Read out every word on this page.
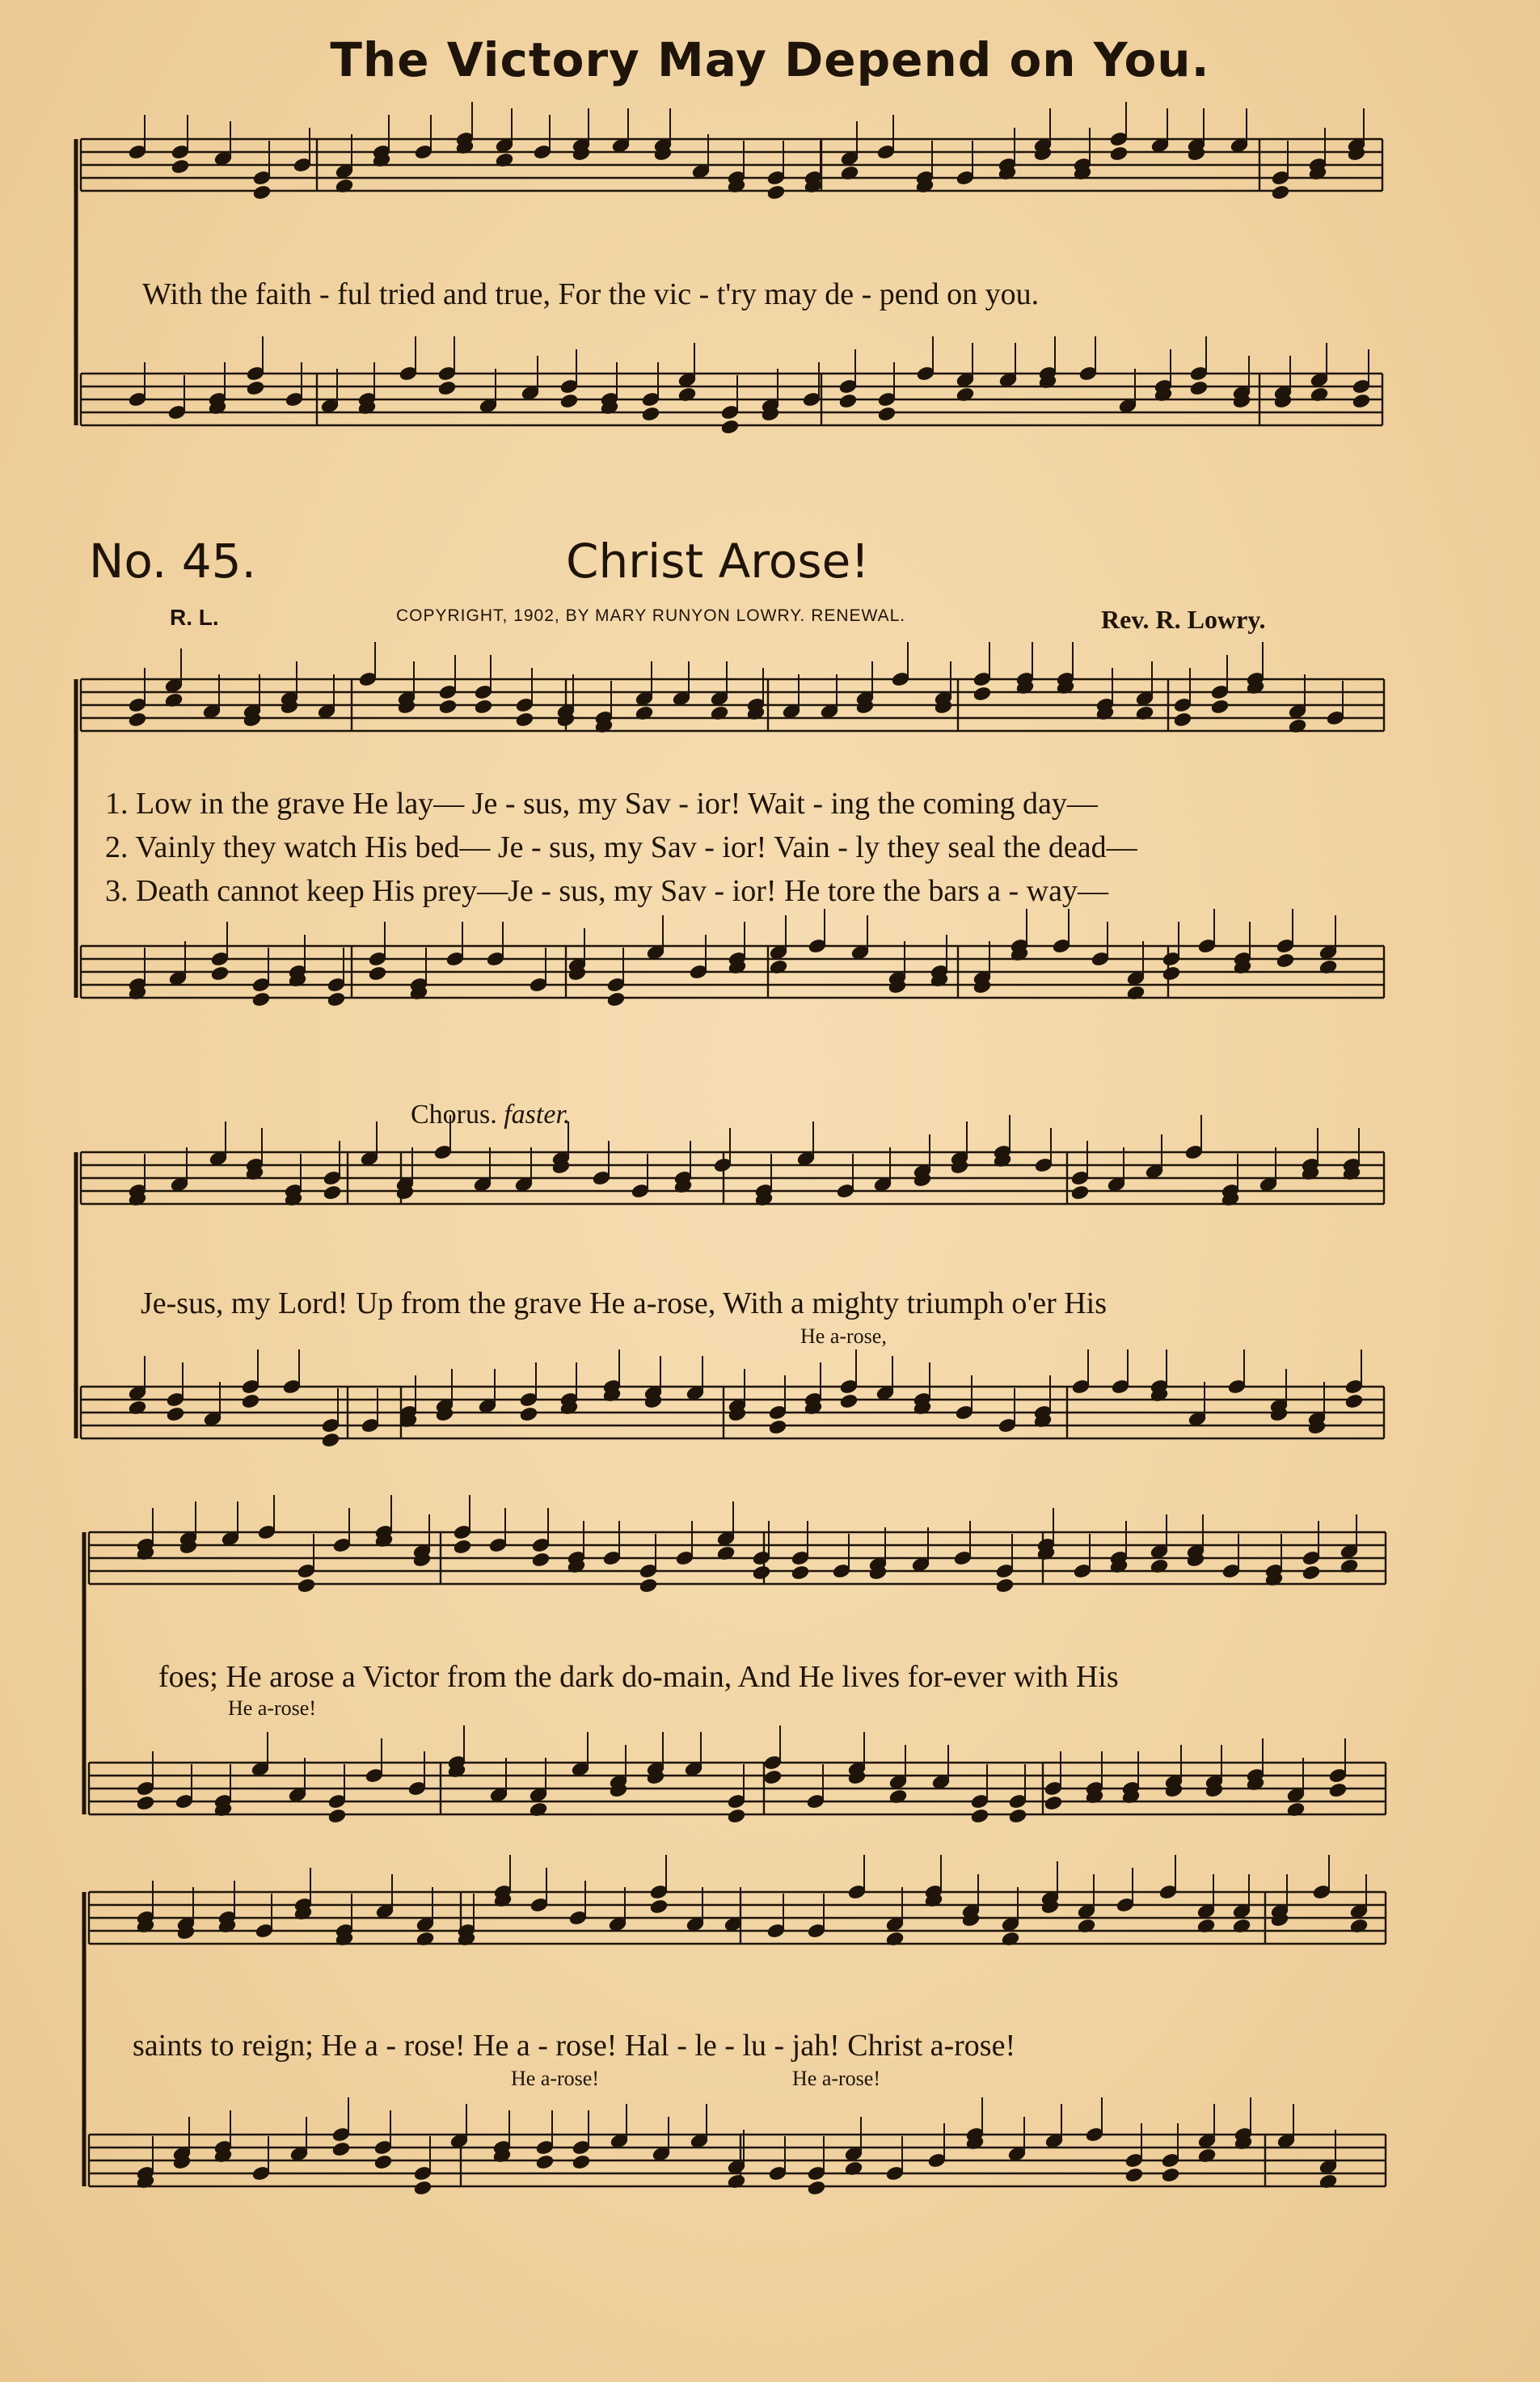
The Victory May Depend on You.
With the faith - ful tried and true, For the vic - t'ry may de - pend on you.
No. 45.	Christ Arose!
R. L.	COPYRIGHT, 1902, BY MARY RUNYON LOWRY. RENEWAL.	Rev. R. Lowry.
1. Low in the grave He lay— Je - sus, my Sav - ior! Wait - ing the coming day—
2. Vainly they watch His bed— Je - sus, my Sav - ior! Vain - ly they seal the dead—
3. Death cannot keep His prey—Je - sus, my Sav - ior! He tore the bars a - way—
Chorus. faster.
Je-sus, my Lord! Up from the grave He a-rose, With a mighty triumph o'er His
He a-rose,
foes; He arose a Victor from the dark do-main, And He lives for-ever with His
He a-rose!
saints to reign; He a - rose! He a - rose! Hal - le - lu - jah! Christ a-rose!
He a-rose!	He a-rose!
